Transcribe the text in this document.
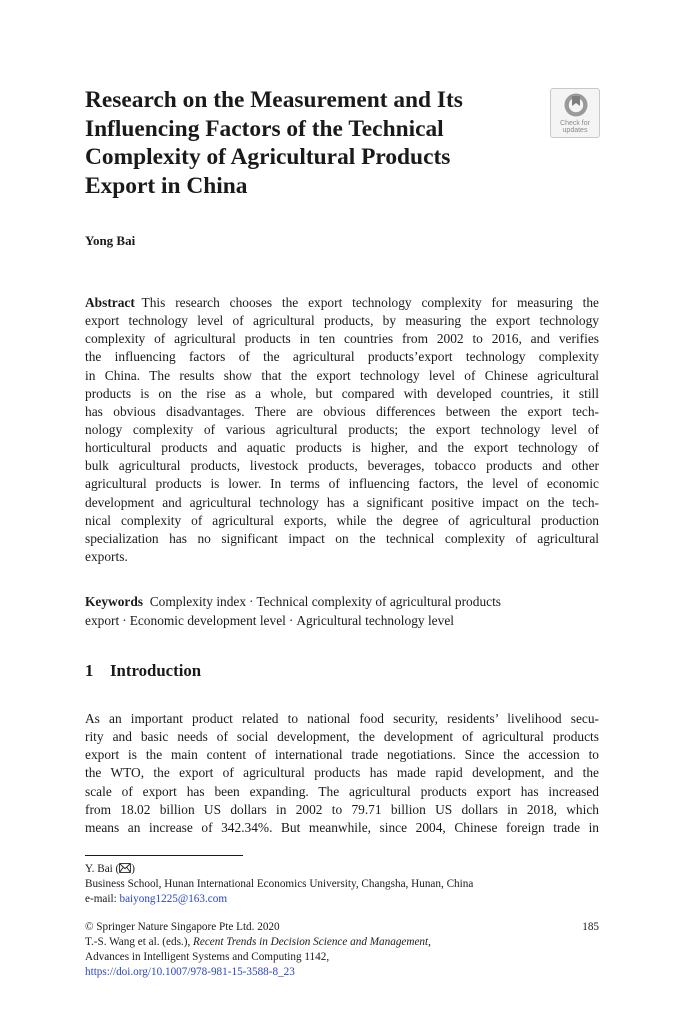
Research on the Measurement and Its
Influencing Factors of the Technical
Complexity of Agricultural Products
Export in China
Check for
updates
Yong Bai
Abstract  This research chooses the export technology complexity for measuring the
export technology level of agricultural products, by measuring the export technology
complexity of agricultural products in ten countries from 2002 to 2016, and verifies
the influencing factors of the agricultural products’export technology complexity
in China. The results show that the export technology level of Chinese agricultural
products is on the rise as a whole, but compared with developed countries, it still
has obvious disadvantages. There are obvious differences between the export tech-
nology complexity of various agricultural products; the export technology level of
horticultural products and aquatic products is higher, and the export technology of
bulk agricultural products, livestock products, beverages, tobacco products and other
agricultural products is lower. In terms of influencing factors, the level of economic
development and agricultural technology has a significant positive impact on the tech-
nical complexity of agricultural exports, while the degree of agricultural production
specialization has no significant impact on the technical complexity of agricultural
exports.
Keywords  Complexity index · Technical complexity of agricultural products
export · Economic development level · Agricultural technology level
1 Introduction
As an important product related to national food security, residents’ livelihood secu-
rity and basic needs of social development, the development of agricultural products
export is the main content of international trade negotiations. Since the accession to
the WTO, the export of agricultural products has made rapid development, and the
scale of export has been expanding. The agricultural products export has increased
from 18.02 billion US dollars in 2002 to 79.71 billion US dollars in 2018, which
means an increase of 342.34%. But meanwhile, since 2004, Chinese foreign trade in
Y. Bai ( )
Business School, Hunan International Economics University, Changsha, Hunan, China
e-mail: baiyong1225@163.com
© Springer Nature Singapore Pte Ltd. 2020	185
T.-S. Wang et al. (eds.), Recent Trends in Decision Science and Management,
Advances in Intelligent Systems and Computing 1142,
https://doi.org/10.1007/978-981-15-3588-8_23
